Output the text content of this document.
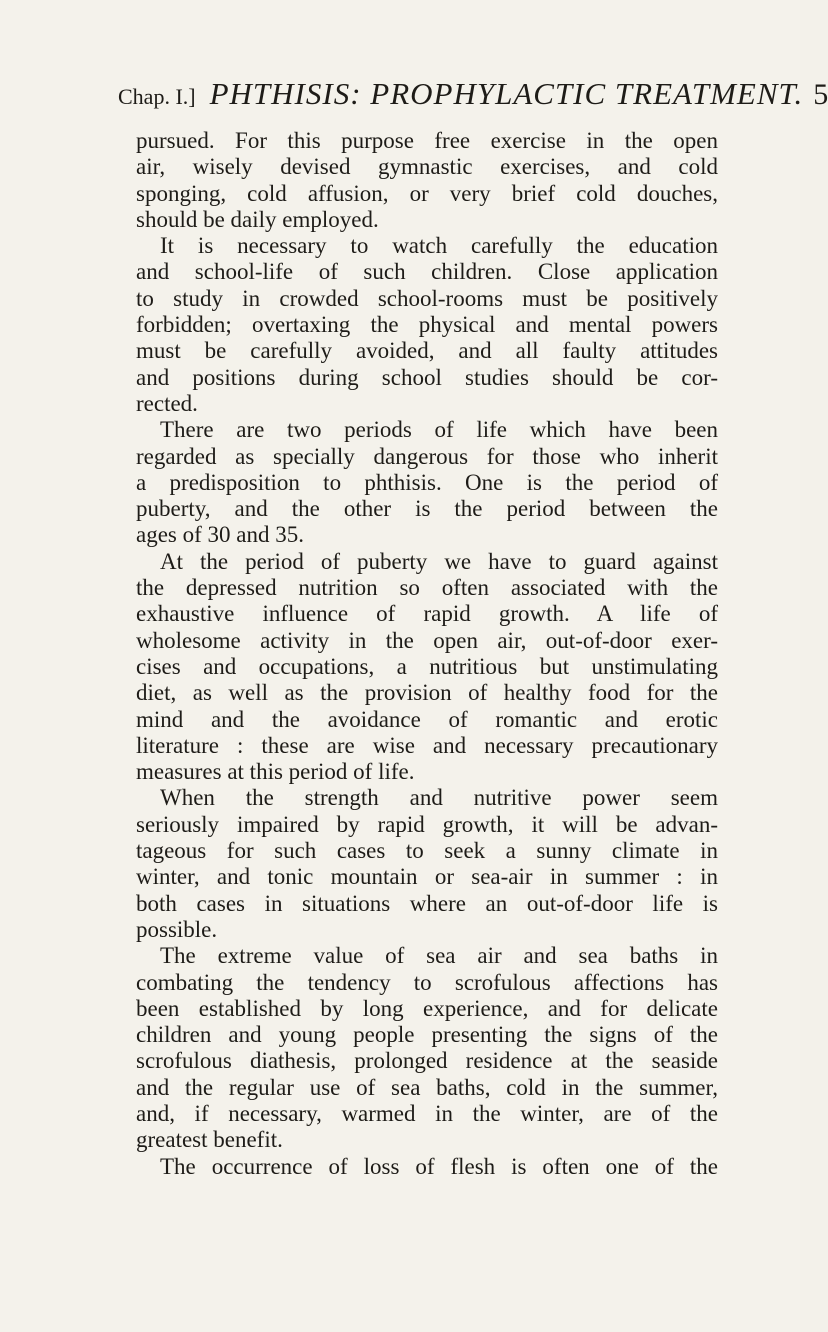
Chap. I.] PHTHISIS: PROPHYLACTIC TREATMENT. 5
pursued. For this purpose free exercise in the open
air, wisely devised gymnastic exercises, and cold
sponging, cold affusion, or very brief cold douches,
should be daily employed.
It is necessary to watch carefully the education
and school-life of such children. Close application
to study in crowded school-rooms must be positively
forbidden; overtaxing the physical and mental powers
must be carefully avoided, and all faulty attitudes
and positions during school studies should be cor-
rected.
There are two periods of life which have been
regarded as specially dangerous for those who inherit
a predisposition to phthisis. One is the period of
puberty, and the other is the period between the
ages of 30 and 35.
At the period of puberty we have to guard against
the depressed nutrition so often associated with the
exhaustive influence of rapid growth. A life of
wholesome activity in the open air, out-of-door exer-
cises and occupations, a nutritious but unstimulating
diet, as well as the provision of healthy food for the
mind and the avoidance of romantic and erotic
literature : these are wise and necessary precautionary
measures at this period of life.
When the strength and nutritive power seem
seriously impaired by rapid growth, it will be advan-
tageous for such cases to seek a sunny climate in
winter, and tonic mountain or sea-air in summer : in
both cases in situations where an out-of-door life is
possible.
The extreme value of sea air and sea baths in
combating the tendency to scrofulous affections has
been established by long experience, and for delicate
children and young people presenting the signs of the
scrofulous diathesis, prolonged residence at the seaside
and the regular use of sea baths, cold in the summer,
and, if necessary, warmed in the winter, are of the
greatest benefit.
The occurrence of loss of flesh is often one of the
